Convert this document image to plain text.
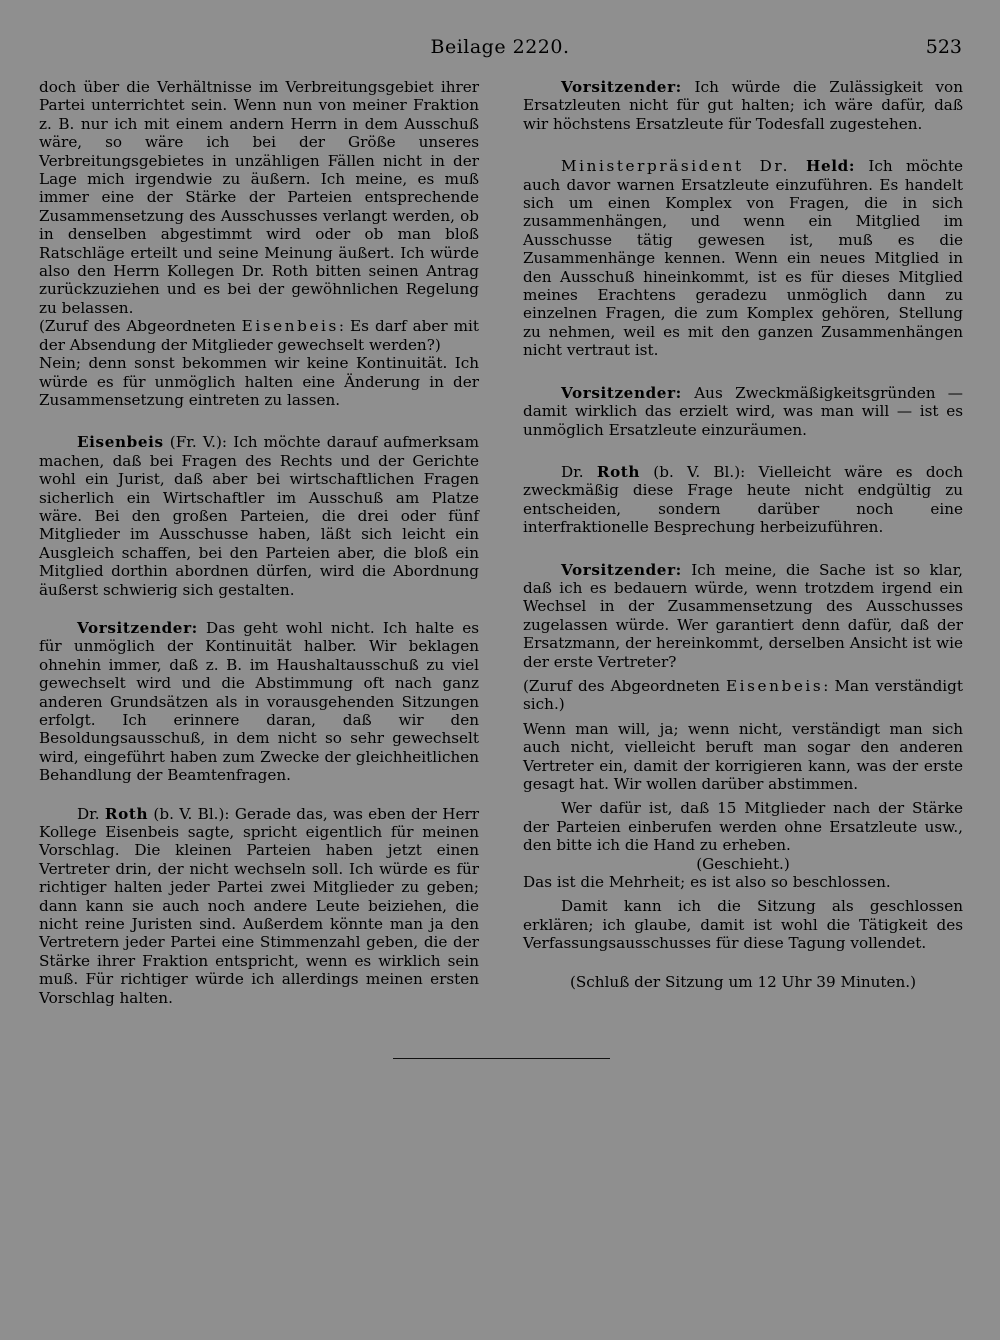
Beilage 2220.	523

doch über die Verhältnisse im Verbreitungsgebiet ihrer Partei unterrichtet sein. Wenn nun von meiner Fraktion z. B. nur ich mit einem andern Herrn in dem Ausschuß wäre, so wäre ich bei der Größe unseres Verbreitungsgebietes in unzähligen Fällen nicht in der Lage mich irgendwie zu äußern. Ich meine, es muß immer eine der Stärke der Parteien entsprechende Zusammensetzung des Ausschusses verlangt werden, ob in denselben abgestimmt wird oder ob man bloß Ratschläge erteilt und seine Meinung äußert. Ich würde also den Herrn Kollegen Dr. Roth bitten seinen Antrag zurückzuziehen und es bei der gewöhnlichen Regelung zu belassen.

(Zuruf des Abgeordneten Eisenbeis: Es darf aber mit der Absendung der Mitglieder gewechselt werden?)

Nein; denn sonst bekommen wir keine Kontinuität. Ich würde es für unmöglich halten eine Änderung in der Zusammensetzung eintreten zu lassen.

Eisenbeis (Fr. V.): Ich möchte darauf aufmerksam machen, daß bei Fragen des Rechts und der Gerichte wohl ein Jurist, daß aber bei wirtschaftlichen Fragen sicherlich ein Wirtschaftler im Ausschuß am Platze wäre. Bei den großen Parteien, die drei oder fünf Mitglieder im Ausschusse haben, läßt sich leicht ein Ausgleich schaffen, bei den Parteien aber, die bloß ein Mitglied dorthin abordnen dürfen, wird die Abordnung äußerst schwierig sich gestalten.

Vorsitzender: Das geht wohl nicht. Ich halte es für unmöglich der Kontinuität halber. Wir beklagen ohnehin immer, daß z. B. im Haushaltausschuß zu viel gewechselt wird und die Abstimmung oft nach ganz anderen Grundsätzen als in vorausgehenden Sitzungen erfolgt. Ich erinnere daran, daß wir den Besoldungsausschuß, in dem nicht so sehr gewechselt wird, eingeführt haben zum Zwecke der gleichheitlichen Behandlung der Beamtenfragen.

Dr. Roth (b. V. Bl.): Gerade das, was eben der Herr Kollege Eisenbeis sagte, spricht eigentlich für meinen Vorschlag. Die kleinen Parteien haben jetzt einen Vertreter drin, der nicht wechseln soll. Ich würde es für richtiger halten jeder Partei zwei Mitglieder zu geben; dann kann sie auch noch andere Leute beiziehen, die nicht reine Juristen sind. Außerdem könnte man ja den Vertretern jeder Partei eine Stimmenzahl geben, die der Stärke ihrer Fraktion entspricht, wenn es wirklich sein muß. Für richtiger würde ich allerdings meinen ersten Vorschlag halten.

Vorsitzender: Ich würde die Zulässigkeit von Ersatzleuten nicht für gut halten; ich wäre dafür, daß wir höchstens Ersatzleute für Todesfall zugestehen.

Ministerpräsident Dr. Held: Ich möchte auch davor warnen Ersatzleute einzuführen. Es handelt sich um einen Komplex von Fragen, die in sich zusammenhängen, und wenn ein Mitglied im Ausschusse tätig gewesen ist, muß es die Zusammenhänge kennen. Wenn ein neues Mitglied in den Ausschuß hineinkommt, ist es für dieses Mitglied meines Erachtens geradezu unmöglich dann zu einzelnen Fragen, die zum Komplex gehören, Stellung zu nehmen, weil es mit den ganzen Zusammenhängen nicht vertraut ist.

Vorsitzender: Aus Zweckmäßigkeitsgründen — damit wirklich das erzielt wird, was man will — ist es unmöglich Ersatzleute einzuräumen.

Dr. Roth (b. V. Bl.): Vielleicht wäre es doch zweckmäßig diese Frage heute nicht endgültig zu entscheiden, sondern darüber noch eine interfraktionelle Besprechung herbeizuführen.

Vorsitzender: Ich meine, die Sache ist so klar, daß ich es bedauern würde, wenn trotzdem irgend ein Wechsel in der Zusammensetzung des Ausschusses zugelassen würde. Wer garantiert denn dafür, daß der Ersatzmann, der hereinkommt, derselben Ansicht ist wie der erste Vertreter?

(Zuruf des Abgeordneten Eisenbeis: Man verständigt sich.)

Wenn man will, ja; wenn nicht, verständigt man sich auch nicht, vielleicht beruft man sogar den anderen Vertreter ein, damit der korrigieren kann, was der erste gesagt hat. Wir wollen darüber abstimmen.

Wer dafür ist, daß 15 Mitglieder nach der Stärke der Parteien einberufen werden ohne Ersatzleute usw., den bitte ich die Hand zu erheben.

(Geschieht.)

Das ist die Mehrheit; es ist also so beschlossen.

Damit kann ich die Sitzung als geschlossen erklären; ich glaube, damit ist wohl die Tätigkeit des Verfassungsausschusses für diese Tagung vollendet.

(Schluß der Sitzung um 12 Uhr 39 Minuten.)
